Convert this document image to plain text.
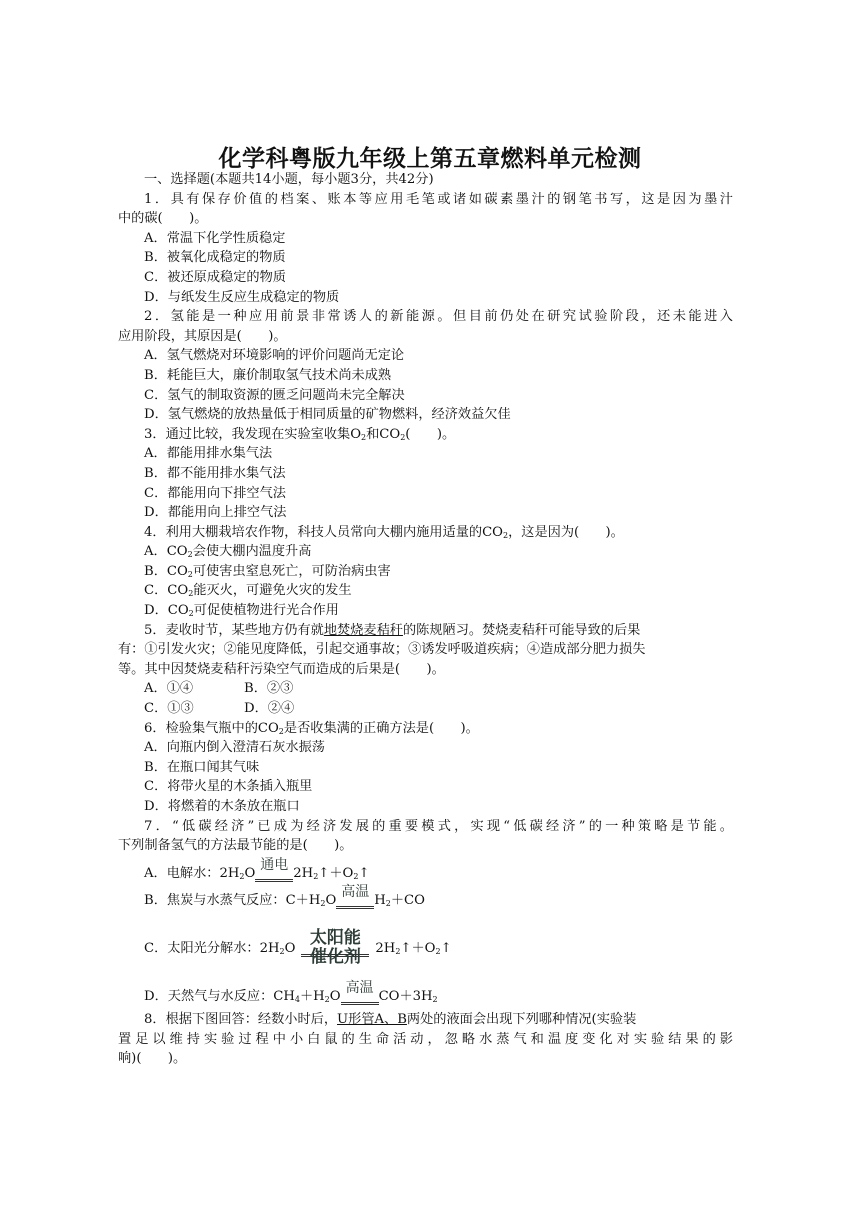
化学科粤版九年级上第五章燃料单元检测
一、选择题(本题共14小题，每小题3分，共42分)
1．具有保存价值的档案、账本等应用毛笔或诸如碳素墨汁的钢笔书写，这是因为墨汁
中的碳(　　)。
A．常温下化学性质稳定
B．被氧化成稳定的物质
C．被还原成稳定的物质
D．与纸发生反应生成稳定的物质
2．氢能是一种应用前景非常诱人的新能源。但目前仍处在研究试验阶段，还未能进入
应用阶段，其原因是(　　)。
A．氢气燃烧对环境影响的评价问题尚无定论
B．耗能巨大，廉价制取氢气技术尚未成熟
C．氢气的制取资源的匮乏问题尚未完全解决
D．氢气燃烧的放热量低于相同质量的矿物燃料，经济效益欠佳
3．通过比较，我发现在实验室收集$O_2$和$CO_2$(　　)。
A．都能用排水集气法
B．都不能用排水集气法
C．都能用向下排空气法
D．都能用向上排空气法
4．利用大棚栽培农作物，科技人员常向大棚内施用适量的$CO_2$，这是因为(　　)。
A．$CO_2$会使大棚内温度升高
B．$CO_2$可使害虫窒息死亡，可防治病虫害
C．$CO_2$能灭火，可避免火灾的发生
D．$CO_2$可促使植物进行光合作用
5．麦收时节，某些地方仍有就地焚烧麦秸秆的陈规陋习。焚烧麦秸秆可能导致的后果
有：①引发火灾；②能见度降低，引起交通事故；③诱发呼吸道疾病；④造成部分肥力损失
等。其中因焚烧麦秸秆污染空气而造成的后果是(　　)。
A．①④	B．②③
C．①③	D．②④
6．检验集气瓶中的$CO_2$是否收集满的正确方法是(　　)。
A．向瓶内倒入澄清石灰水振荡
B．在瓶口闻其气味
C．将带火星的木条插入瓶里
D．将燃着的木条放在瓶口
7．“低碳经济”已成为经济发展的重要模式，实现“低碳经济”的一种策略是节能。
下列制备氢气的方法最节能的是(　　)。
A．电解水：$2H_2O$
通电
$2H_2↑+O_2↑$
B．焦炭与水蒸气反应：$C+H_2O$
高温
$H_2+CO$
C．太阳光分解水：$2H_2O$
太阳能
催化剂	$2H_2↑+O_2↑$
D．天然气与水反应：$CH_4+H_2O$
高温
$CO+3H_2$
8．根据下图回答：经数小时后，U形管A、B两处的液面会出现下列哪种情况(实验装
置足以维持实验过程中小白鼠的生命活动，忽略水蒸气和温度变化对实验结果的影
响)(　　)。
